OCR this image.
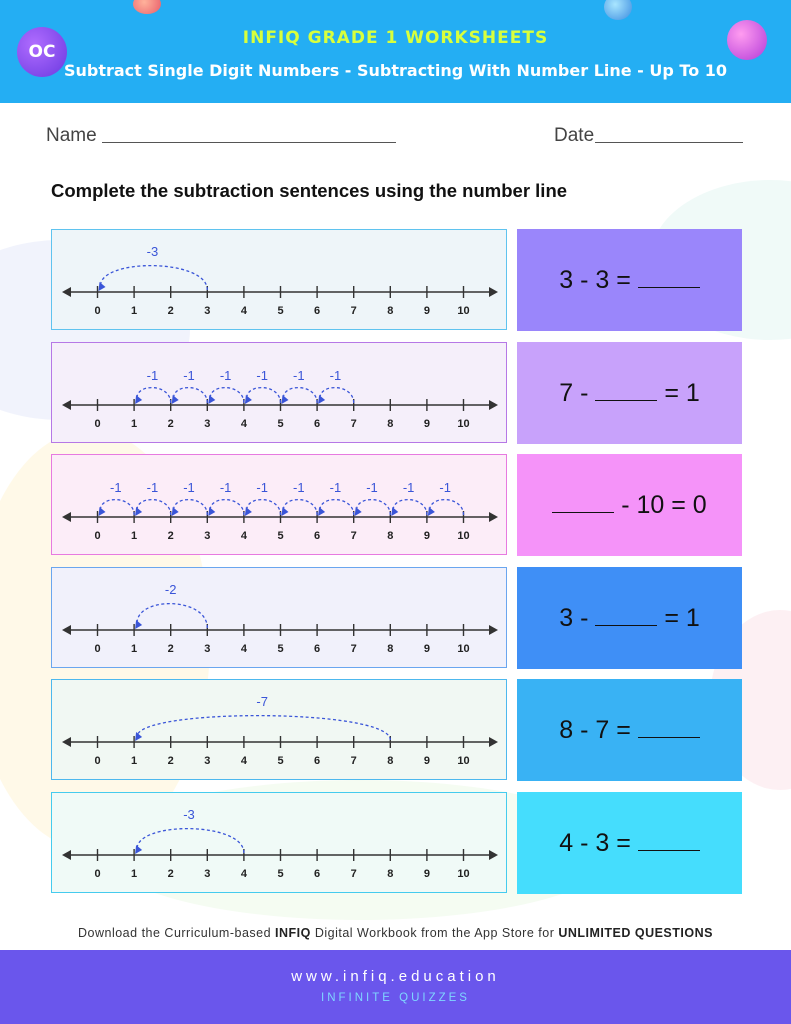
OC
INFIQ GRADE 1 WORKSHEETS
Subtract Single Digit Numbers - Subtracting With Number Line - Up To 10
Name	Date
Complete the subtraction sentences using the number line
0	1	2	3	4	5	6	7	8	9 10
-3
3 - 3 =
0	1	2	3	4	5	6	7	8	9 10
-1
-1
-1
-1
-1
-1
7 -	= 1
0	1	2	3	4	5	6	7	8	9 10
-1
-1
-1
-1
-1
-1
-1
-1
-1
-1
- 10 = 0
0	1	2	3	4	5	6	7	8	9 10
-2
3 -	= 1
0	1	2	3	4	5	6	7	8	9 10
-7
8 - 7 =
0	1	2	3	4	5	6	7	8	9 10
-3
4 - 3 =
Download the Curriculum-based INFIQ Digital Workbook from the App Store for UNLIMITED QUESTIONS
www.infiq.education
INFINITE QUIZZES
